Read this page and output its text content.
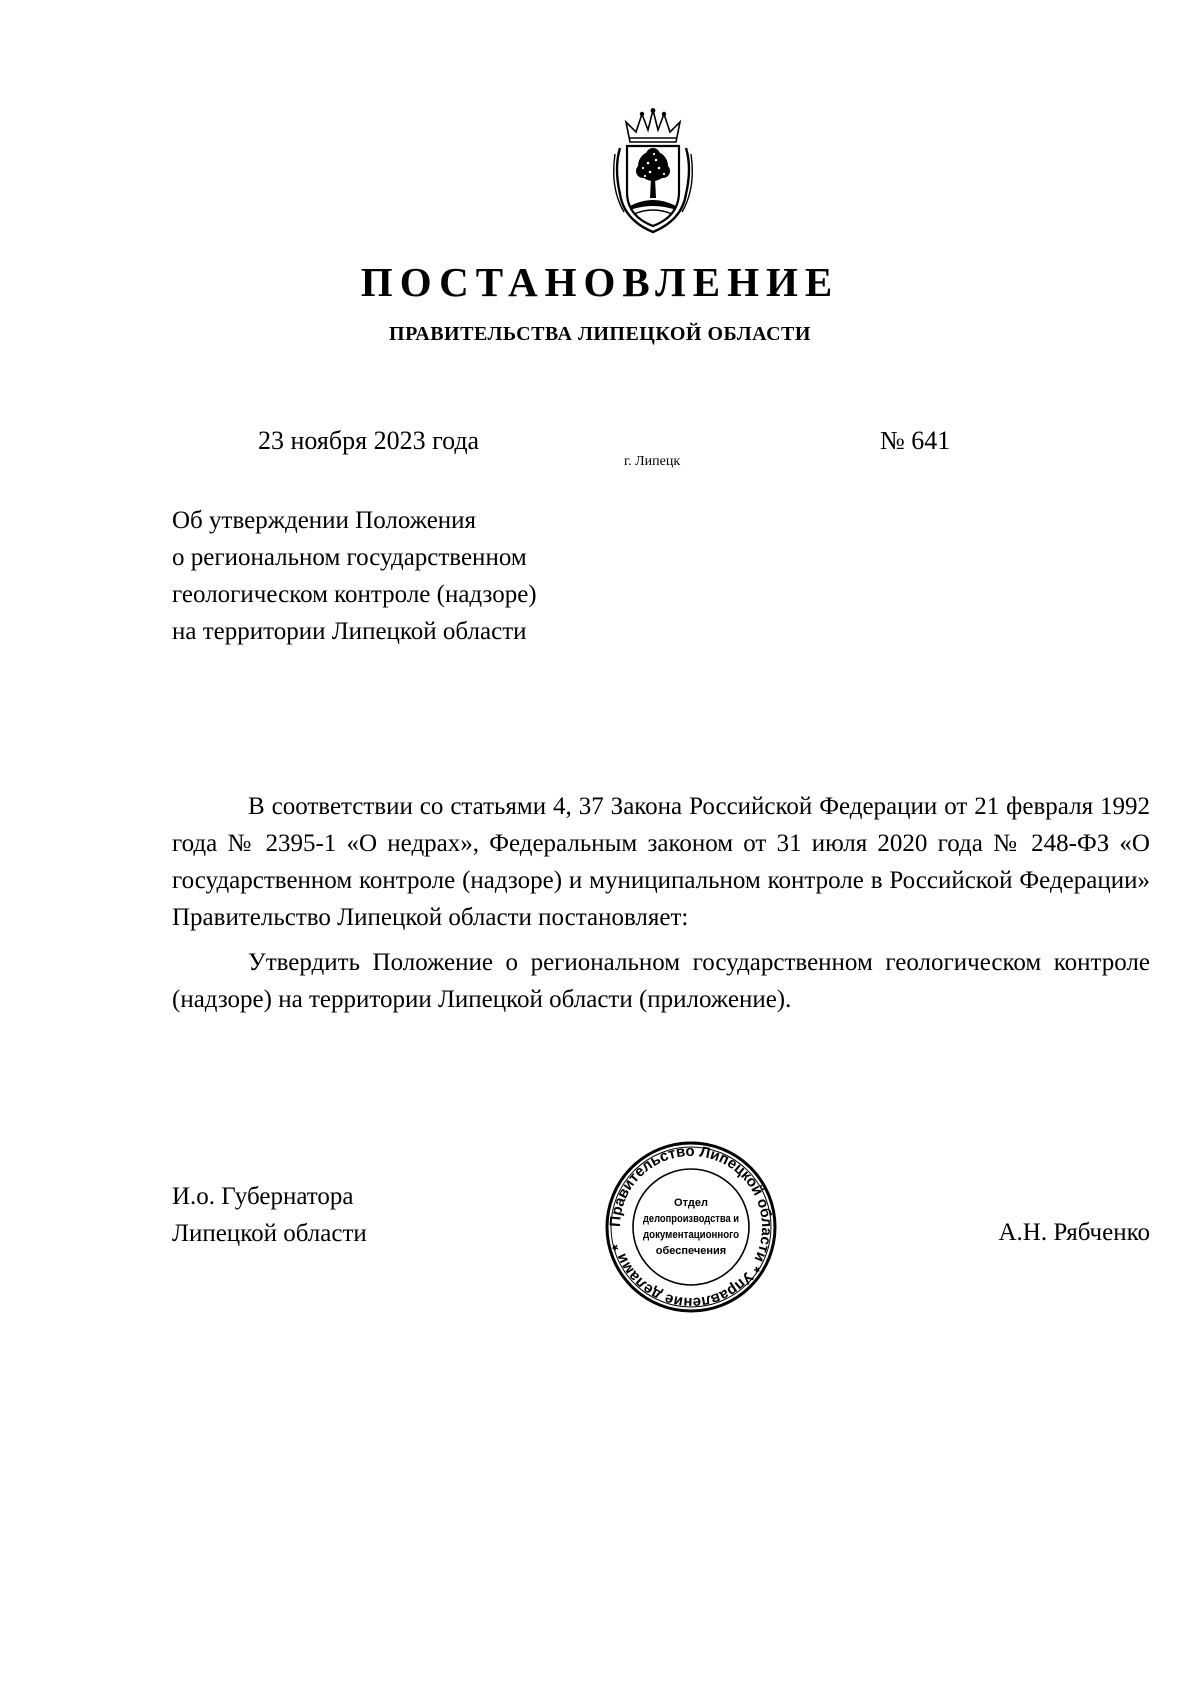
ПОСТАНОВЛЕНИЕ
ПРАВИТЕЛЬСТВА ЛИПЕЦКОЙ ОБЛАСТИ
23 ноября 2023 года
г. Липецк
№ 641
Об утверждении Положения
о региональном государственном
геологическом контроле (надзоре)
на территории Липецкой области

В соответствии со статьями 4, 37 Закона Российской Федерации от 21 февраля 1992 года № 2395-1 «О недрах», Федеральным законом от 31 июля 2020 года № 248-ФЗ «О государственном контроле (надзоре) и муниципальном контроле в Российской Федерации» Правительство Липецкой области постановляет:

Утвердить Положение о региональном государственном геологическом контроле (надзоре) на территории Липецкой области (приложение).

И.о. Губернатора
Липецкой области	Правительство Липецкой области * Управление делами *
Отдел
делопроизводства и
документационного
обеспечения
А.Н. Рябченко
